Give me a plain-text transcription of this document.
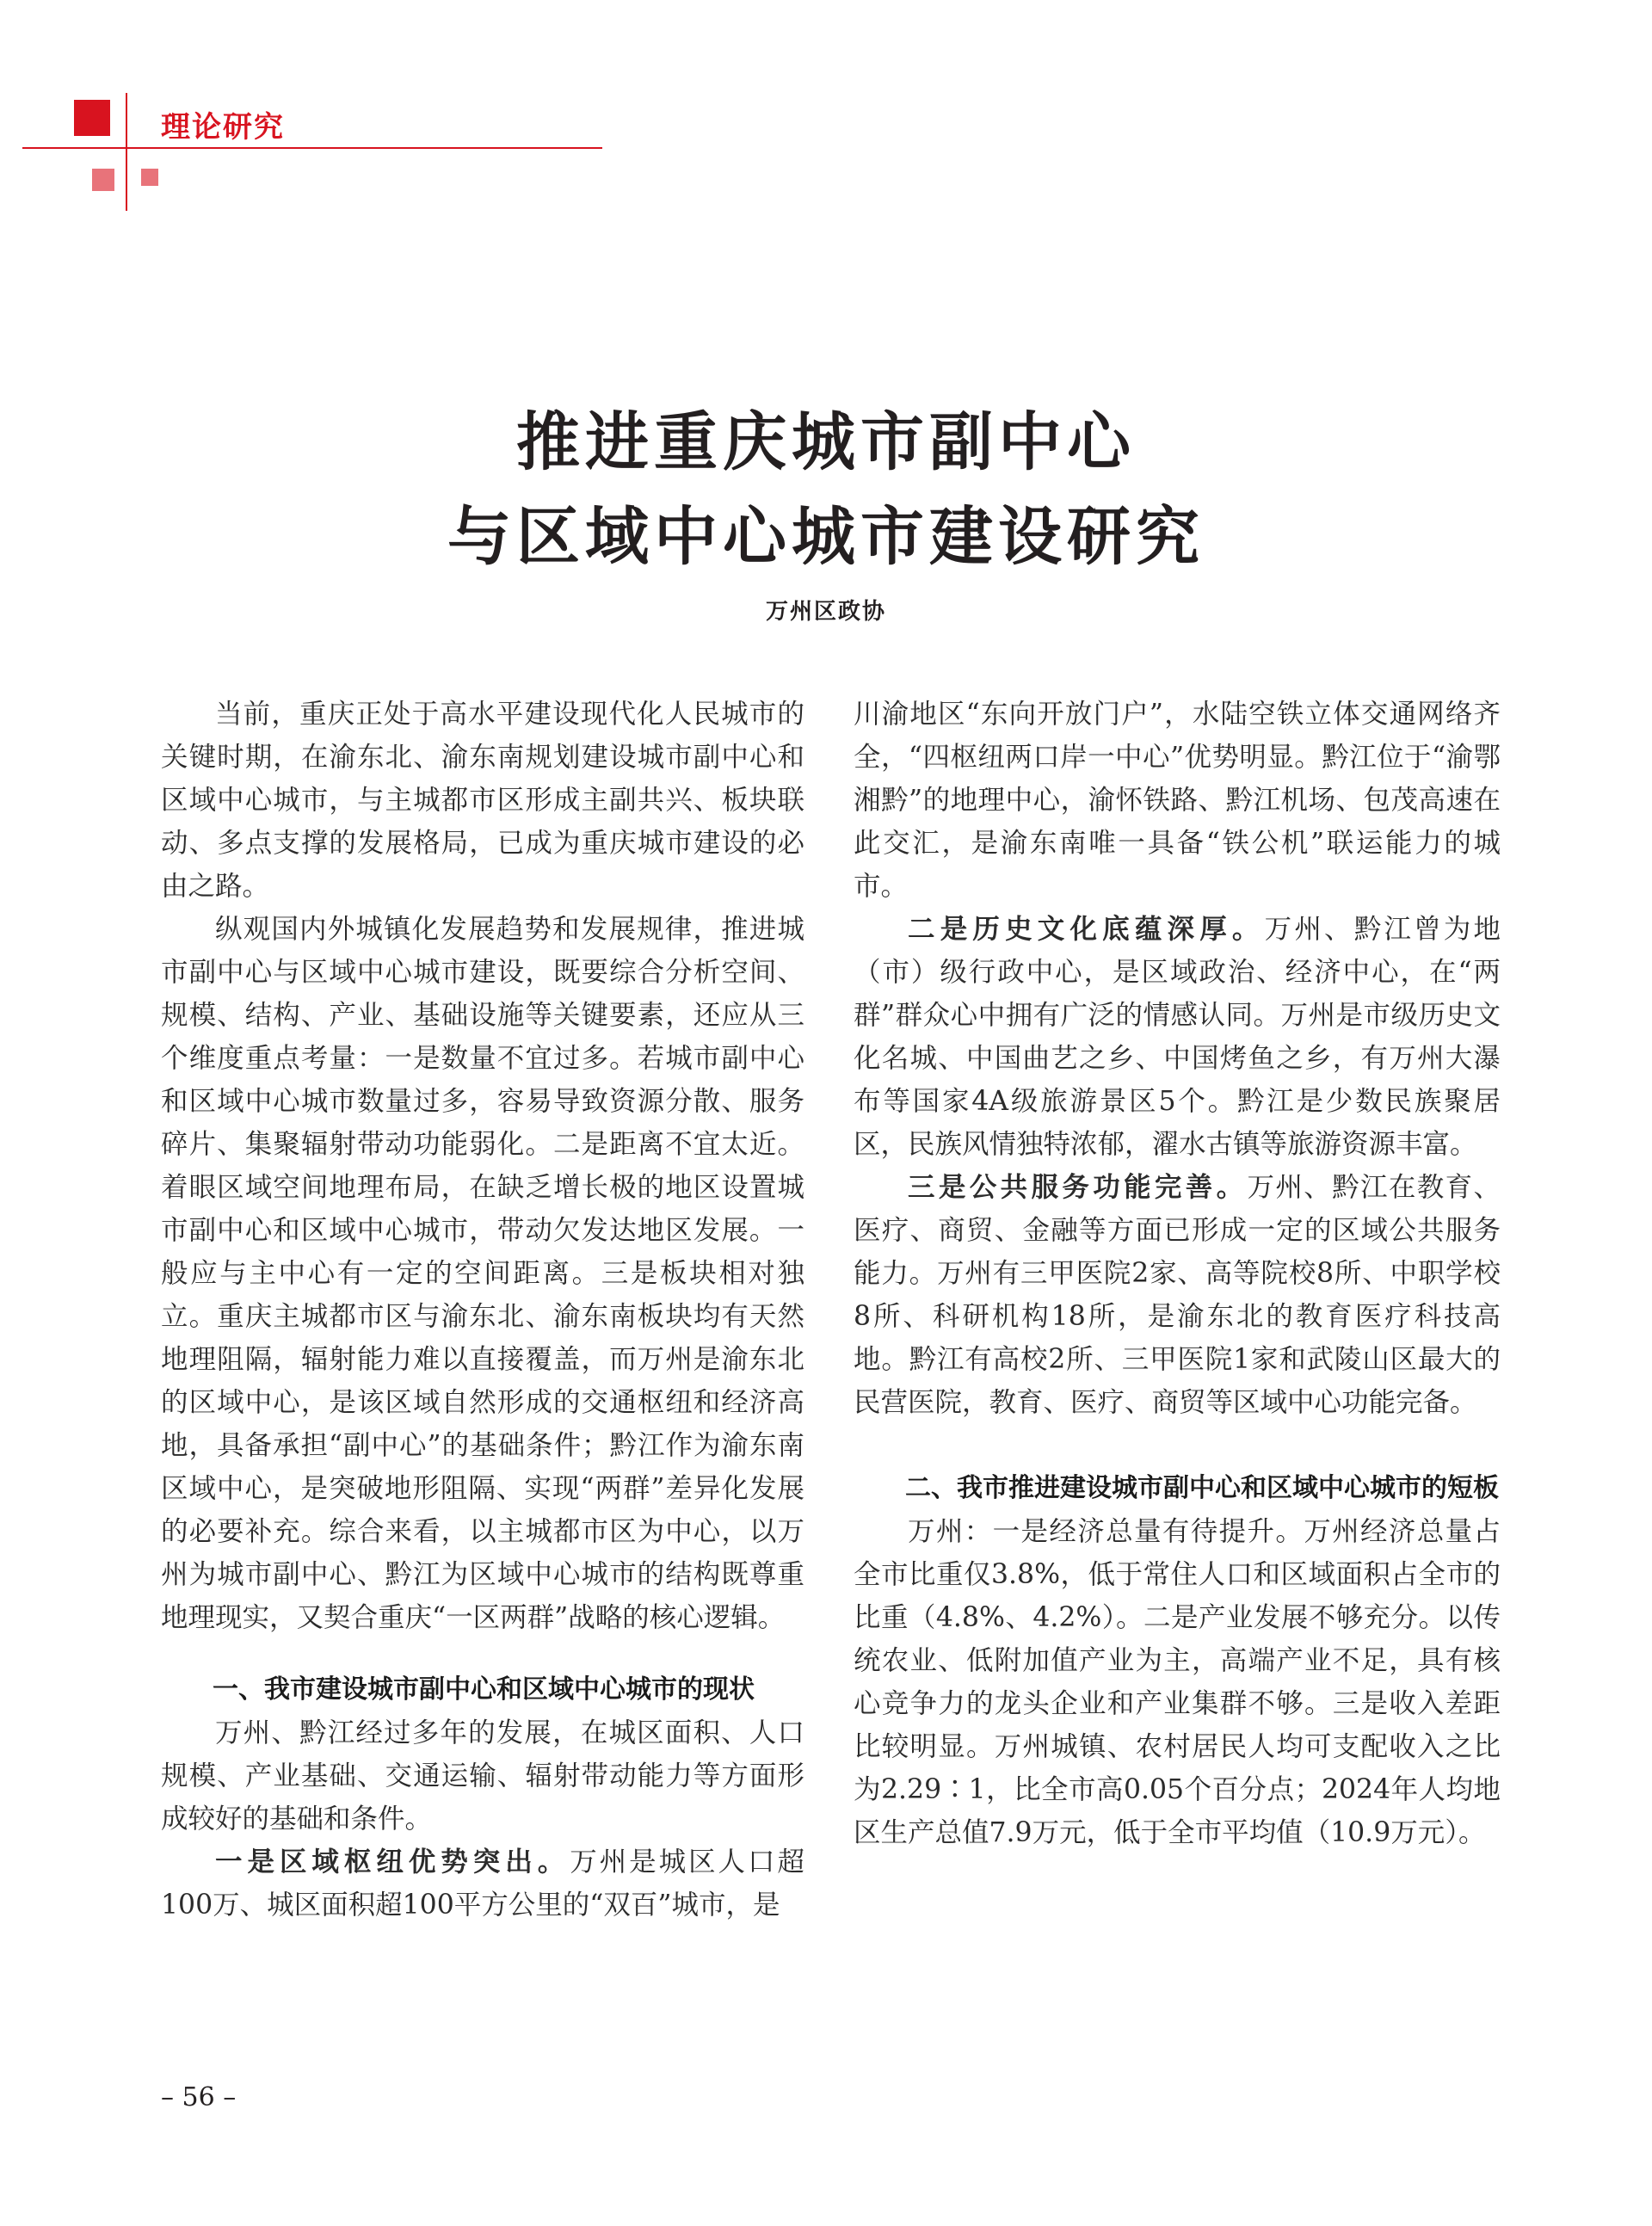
理论研究
推进重庆城市副中心
与区域中心城市建设研究
万州区政协

当前，重庆正处于高水平建设现代化人民城市的关键时期，在渝东北、渝东南规划建设城市副中心和区域中心城市，与主城都市区形成主副共兴、板块联动、多点支撑的发展格局，已成为重庆城市建设的必由之路。

纵观国内外城镇化发展趋势和发展规律，推进城市副中心与区域中心城市建设，既要综合分析空间、规模、结构、产业、基础设施等关键要素，还应从三个维度重点考量：一是数量不宜过多。若城市副中心和区域中心城市数量过多，容易导致资源分散、服务碎片、集聚辐射带动功能弱化。二是距离不宜太近。着眼区域空间地理布局，在缺乏增长极的地区设置城市副中心和区域中心城市，带动欠发达地区发展。一般应与主中心有一定的空间距离。三是板块相对独立。重庆主城都市区与渝东北、渝东南板块均有天然地理阻隔，辐射能力难以直接覆盖，而万州是渝东北的区域中心，是该区域自然形成的交通枢纽和经济高地，具备承担“副中心”的基础条件；黔江作为渝东南区域中心，是突破地形阻隔、实现“两群”差异化发展的必要补充。综合来看，以主城都市区为中心，以万州为城市副中心、黔江为区域中心城市的结构既尊重地理现实，又契合重庆“一区两群”战略的核心逻辑。

一、我市建设城市副中心和区域中心城市的现状

万州、黔江经过多年的发展，在城区面积、人口规模、产业基础、交通运输、辐射带动能力等方面形成较好的基础和条件。

一是区域枢纽优势突出。万州是城区人口超100万、城区面积超100平方公里的“双百”城市，是

川渝地区“东向开放门户”，水陆空铁立体交通网络齐全，“四枢纽两口岸一中心”优势明显。黔江位于“渝鄂湘黔”的地理中心，渝怀铁路、黔江机场、包茂高速在此交汇，是渝东南唯一具备“铁公机”联运能力的城市。

二是历史文化底蕴深厚。万州、黔江曾为地（市）级行政中心，是区域政治、经济中心，在“两群”群众心中拥有广泛的情感认同。万州是市级历史文化名城、中国曲艺之乡、中国烤鱼之乡，有万州大瀑布等国家4A级旅游景区5个。黔江是少数民族聚居区，民族风情独特浓郁，濯水古镇等旅游资源丰富。

三是公共服务功能完善。万州、黔江在教育、医疗、商贸、金融等方面已形成一定的区域公共服务能力。万州有三甲医院2家、高等院校8所、中职学校8所、科研机构18所，是渝东北的教育医疗科技高地。黔江有高校2所、三甲医院1家和武陵山区最大的民营医院，教育、医疗、商贸等区域中心功能完备。

二、我市推进建设城市副中心和区域中心城市的短板

万州：一是经济总量有待提升。万州经济总量占全市比重仅3.8%，低于常住人口和区域面积占全市的比重（4.8%、4.2%）。二是产业发展不够充分。以传统农业、低附加值产业为主，高端产业不足，具有核心竞争力的龙头企业和产业集群不够。三是收入差距比较明显。万州城镇、农村居民人均可支配收入之比为2.29∶1，比全市高0.05个百分点；2024年人均地区生产总值7.9万元，低于全市平均值（10.9万元）。

– 56 –
